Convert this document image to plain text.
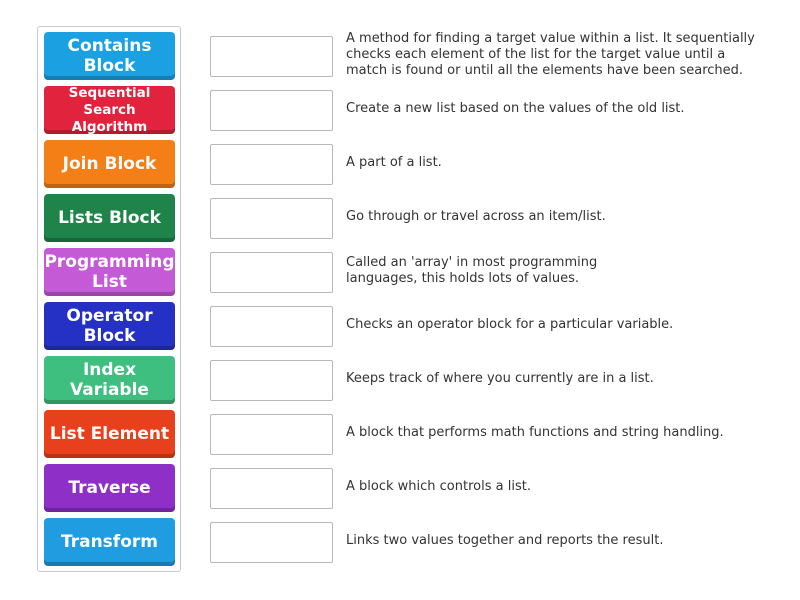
Contains
Block
Sequential
Search Algorithm
Join Block
Lists Block
Programming
List
Operator
Block
Index
Variable
List Element
Traverse
Transform
A method for finding a target value within a list. It sequentially
checks each element of the list for the target value until a
match is found or until all the elements have been searched.
Create a new list based on the values of the old list.
A part of a list.
Go through or travel across an item/list.
Called an 'array' in most programming
languages, this holds lots of values.
Checks an operator block for a particular variable.
Keeps track of where you currently are in a list.
A block that performs math functions and string handling.
A block which controls a list.
Links two values together and reports the result.
